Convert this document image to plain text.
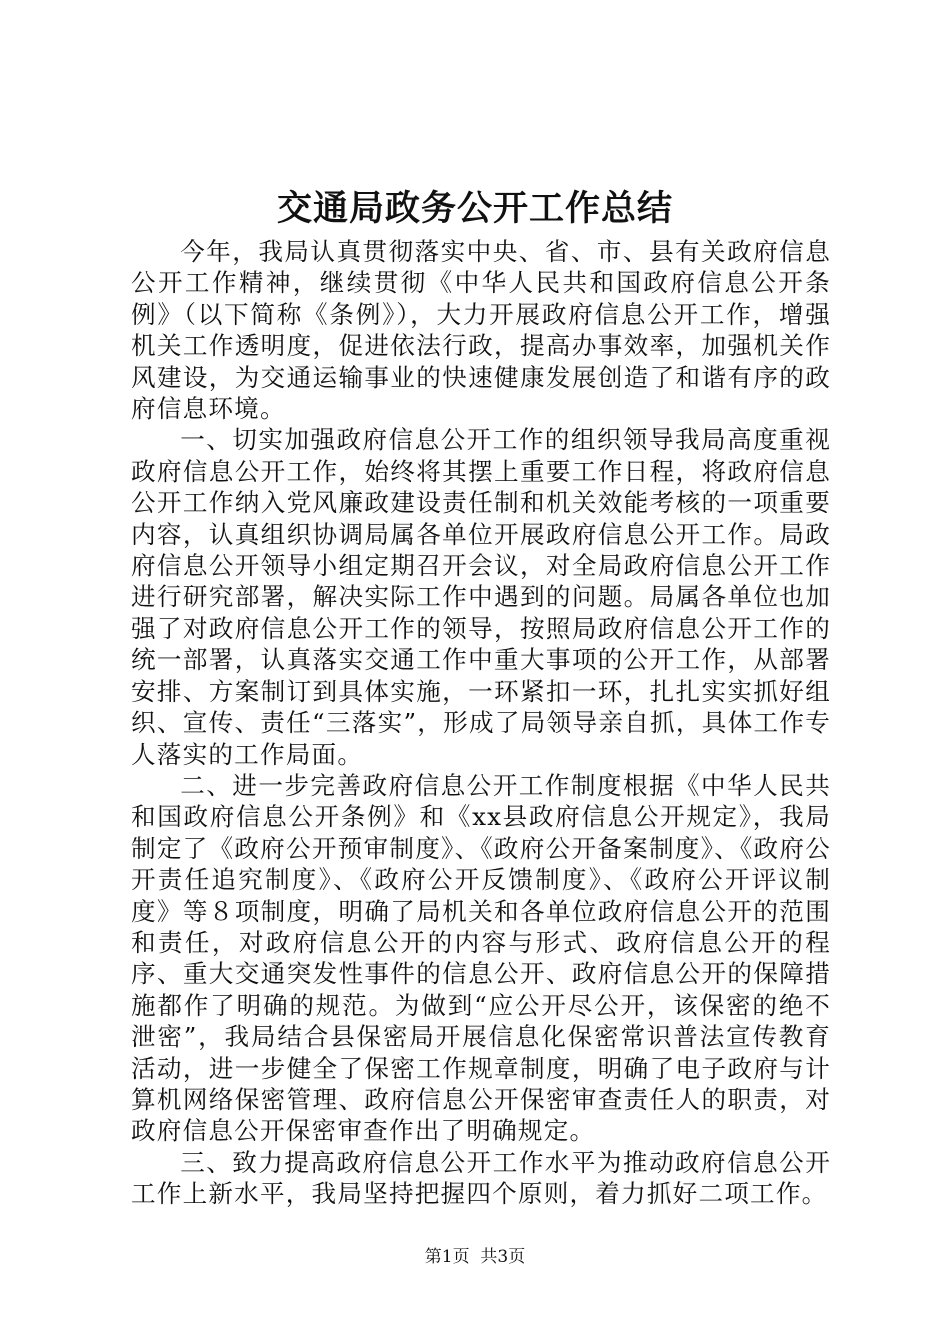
交通局政务公开工作总结

今年，我局认真贯彻落实中央、省、市、县有关政府信息公开工作精神，继续贯彻《中华人民共和国政府信息公开条例》（以下简称《条例》），大力开展政府信息公开工作，增强机关工作透明度，促进依法行政，提高办事效率，加强机关作风建设，为交通运输事业的快速健康发展创造了和谐有序的政府信息环境。

一、切实加强政府信息公开工作的组织领导我局高度重视政府信息公开工作，始终将其摆上重要工作日程，将政府信息公开工作纳入党风廉政建设责任制和机关效能考核的一项重要内容，认真组织协调局属各单位开展政府信息公开工作。局政府信息公开领导小组定期召开会议，对全局政府信息公开工作进行研究部署，解决实际工作中遇到的问题。局属各单位也加强了对政府信息公开工作的领导，按照局政府信息公开工作的统一部署，认真落实交通工作中重大事项的公开工作，从部署安排、方案制订到具体实施，一环紧扣一环，扎扎实实抓好组织、宣传、责任“三落实”，形成了局领导亲自抓，具体工作专人落实的工作局面。

二、进一步完善政府信息公开工作制度根据《中华人民共和国政府信息公开条例》和《xx县政府信息公开规定》，我局制定了《政府公开预审制度》、《政府公开备案制度》、《政府公开责任追究制度》、《政府公开反馈制度》、《政府公开评议制度》等８项制度，明确了局机关和各单位政府信息公开的范围和责任，对政府信息公开的内容与形式、政府信息公开的程序、重大交通突发性事件的信息公开、政府信息公开的保障措施都作了明确的规范。为做到“应公开尽公开，该保密的绝不泄密”，我局结合县保密局开展信息化保密常识普法宣传教育活动，进一步健全了保密工作规章制度，明确了电子政府与计算机网络保密管理、政府信息公开保密审查责任人的职责，对政府信息公开保密审查作出了明确规定。

三、致力提高政府信息公开工作水平为推动政府信息公开工作上新水平，我局坚持把握四个原则，着力抓好二项工作。

第1页  共3页
